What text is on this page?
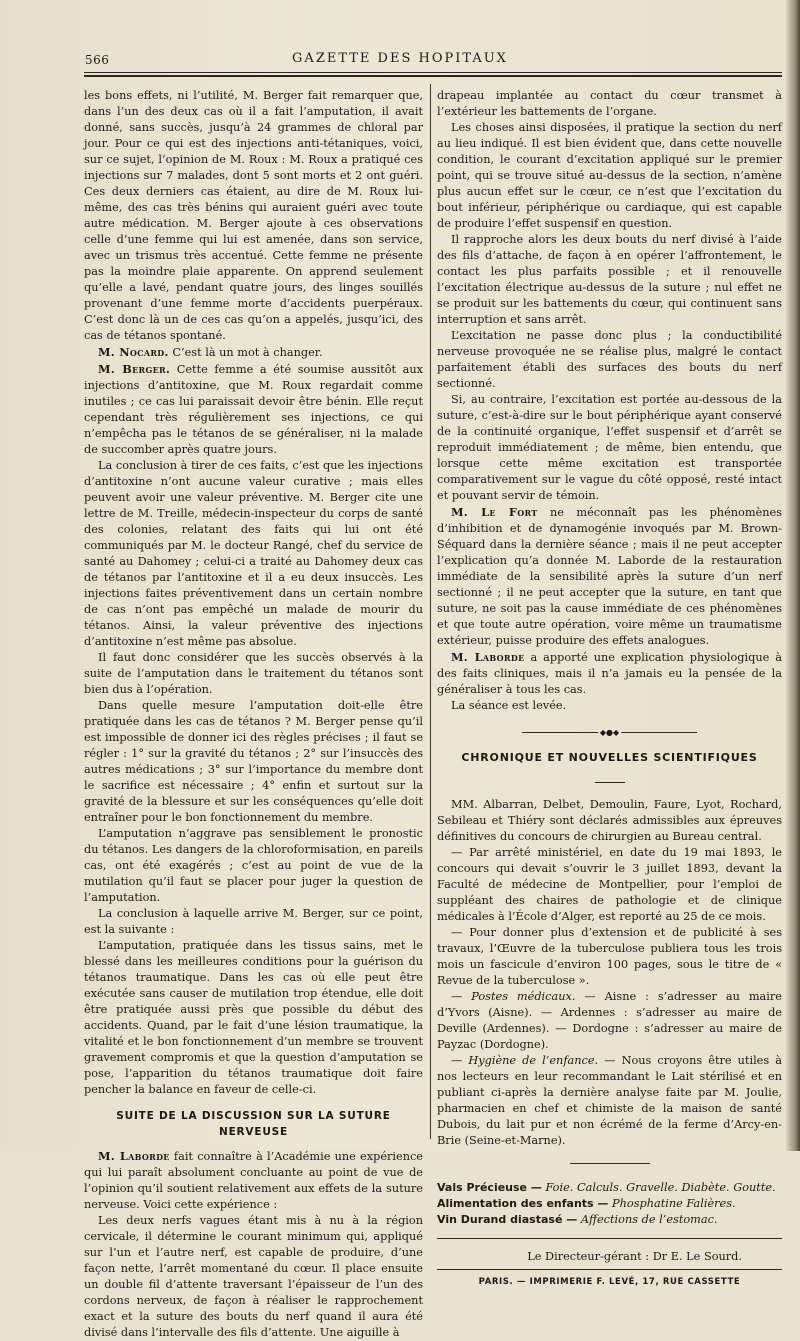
566	GAZETTE DES HOPITAUX

les bons effets, ni l’utilité, M. Berger fait remarquer que, dans l’un des deux cas où il a fait l’amputation, il avait donné, sans succès, jusqu’à 24 grammes de chloral par jour. Pour ce qui est des injections anti-tétaniques, voici, sur ce sujet, l’opinion de M. Roux : M. Roux a pratiqué ces injections sur 7 malades, dont 5 sont morts et 2 ont guéri. Ces deux derniers cas étaient, au dire de M. Roux lui-même, des cas très bénins qui auraient guéri avec toute autre médication. M. Berger ajoute à ces observations celle d’une femme qui lui est amenée, dans son service, avec un trismus très accentué. Cette femme ne présente pas la moindre plaie apparente. On apprend seulement qu’elle a lavé, pendant quatre jours, des linges souillés provenant d’une femme morte d’accidents puerpéraux. C’est donc là un de ces cas qu’on a appelés, jusqu’ici, des cas de tétanos spontané.

M. Nocard. C’est là un mot à changer.

M. Berger. Cette femme a été soumise aussitôt aux injections d’antitoxine, que M. Roux regardait comme inutiles ; ce cas lui paraissait devoir être bénin. Elle reçut cependant très régulièrement ses injections, ce qui n’empêcha pas le tétanos de se généraliser, ni la malade de succomber après quatre jours.

La conclusion à tirer de ces faits, c’est que les injections d’antitoxine n’ont aucune valeur curative ; mais elles peuvent avoir une valeur préventive. M. Berger cite une lettre de M. Treille, médecin-inspecteur du corps de santé des colonies, relatant des faits qui lui ont été communiqués par M. le docteur Rangé, chef du service de santé au Dahomey ; celui-ci a traité au Dahomey deux cas de tétanos par l’antitoxine et il a eu deux insuccès. Les injections faites préventivement dans un certain nombre de cas n’ont pas empêché un malade de mourir du tétanos. Ainsi, la valeur préventive des injections d’antitoxine n’est même pas absolue.

Il faut donc considérer que les succès observés à la suite de l’amputation dans le traitement du tétanos sont bien dus à l’opération.

Dans quelle mesure l’amputation doit-elle être pratiquée dans les cas de tétanos ? M. Berger pense qu’il est impossible de donner ici des règles précises ; il faut se régler : 1° sur la gravité du tétanos ; 2° sur l’insuccès des autres médications ; 3° sur l’importance du membre dont le sacrifice est nécessaire ; 4° enfin et surtout sur la gravité de la blessure et sur les conséquences qu’elle doit entraîner pour le bon fonctionnement du membre.

L’amputation n’aggrave pas sensiblement le pronostic du tétanos. Les dangers de la chloroformisation, en pareils cas, ont été exagérés ; c’est au point de vue de la mutilation qu’il faut se placer pour juger la question de l’amputation.

La conclusion à laquelle arrive M. Berger, sur ce point, est la suivante :

L’amputation, pratiquée dans les tissus sains, met le blessé dans les meilleures conditions pour la guérison du tétanos traumatique. Dans les cas où elle peut être exécutée sans causer de mutilation trop étendue, elle doit être pratiquée aussi près que possible du début des accidents. Quand, par le fait d’une lésion traumatique, la vitalité et le bon fonctionnement d’un membre se trouvent gravement compromis et que la question d’amputation se pose, l’apparition du tétanos traumatique doit faire pencher la balance en faveur de celle-ci.

SUITE DE LA DISCUSSION SUR LA SUTURE NERVEUSE

M. Laborde fait connaître à l’Académie une expérience qui lui paraît absolument concluante au point de vue de l’opinion qu’il soutient relativement aux effets de la suture nerveuse. Voici cette expérience :

Les deux nerfs vagues étant mis à nu à la région cervicale, il détermine le courant minimum qui, appliqué sur l’un et l’autre nerf, est capable de produire, d’une façon nette, l’arrêt momentané du cœur. Il place ensuite un double fil d’attente traversant l’épaisseur de l’un des cordons nerveux, de façon à réaliser le rapprochement exact et la suture des bouts du nerf quand il aura été divisé dans l’intervalle des fils d’attente. Une aiguille à

drapeau implantée au contact du cœur transmet à l’extérieur les battements de l’organe.

Les choses ainsi disposées, il pratique la section du nerf au lieu indiqué. Il est bien évident que, dans cette nouvelle condition, le courant d’excitation appliqué sur le premier point, qui se trouve situé au-dessus de la section, n’amène plus aucun effet sur le cœur, ce n’est que l’excitation du bout inférieur, périphérique ou cardiaque, qui est capable de produire l’effet suspensif en question.

Il rapproche alors les deux bouts du nerf divisé à l’aide des fils d’attache, de façon à en opérer l’affrontement, le contact les plus parfaits possible ; et il renouvelle l’excitation électrique au-dessus de la suture ; nul effet ne se produit sur les battements du cœur, qui continuent sans interruption et sans arrêt.

L’excitation ne passe donc plus ; la conductibilité nerveuse provoquée ne se réalise plus, malgré le contact parfaitement établi des surfaces des bouts du nerf sectionné.

Si, au contraire, l’excitation est portée au-dessous de la suture, c’est-à-dire sur le bout périphérique ayant conservé de la continuité organique, l’effet suspensif et d’arrêt se reproduit immédiatement ; de même, bien entendu, que lorsque cette même excitation est transportée comparativement sur le vague du côté opposé, resté intact et pouvant servir de témoin.

M. Le Fort ne méconnaît pas les phénomènes d’inhibition et de dynamogénie invoqués par M. Brown-Séquard dans la dernière séance ; mais il ne peut accepter l’explication qu’a donnée M. Laborde de la restauration immédiate de la sensibilité après la suture d’un nerf sectionné ; il ne peut accepter que la suture, en tant que suture, ne soit pas la cause immédiate de ces phénomènes et que toute autre opération, voire même un traumatisme extérieur, puisse produire des effets analogues.

M. Laborde a apporté une explication physiologique à des faits cliniques, mais il n’a jamais eu la pensée de la généraliser à tous les cas.

La séance est levée.

◆●◆
CHRONIQUE ET NOUVELLES SCIENTIFIQUES

MM. Albarran, Delbet, Demoulin, Faure, Lyot, Rochard, Sebileau et Thiéry sont déclarés admissibles aux épreuves définitives du concours de chirurgien au Bureau central.

— Par arrêté ministériel, en date du 19 mai 1893, le concours qui devait s’ouvrir le 3 juillet 1893, devant la Faculté de médecine de Montpellier, pour l’emploi de suppléant des chaires de pathologie et de clinique médicales à l’École d’Alger, est reporté au 25 de ce mois.

— Pour donner plus d’extension et de publicité à ses travaux, l’Œuvre de la tuberculose publiera tous les trois mois un fascicule d’environ 100 pages, sous le titre de « Revue de la tuberculose ».

— Postes médicaux. — Aisne : s’adresser au maire d’Yvors (Aisne). — Ardennes : s’adresser au maire de Deville (Ardennes). — Dordogne : s’adresser au maire de Payzac (Dordogne).

— Hygiène de l’enfance. — Nous croyons être utiles à nos lecteurs en leur recommandant le Lait stérilisé et en publiant ci-après la dernière analyse faite par M. Joulie, pharmacien en chef et chimiste de la maison de santé Dubois, du lait pur et non écrémé de la ferme d’Arcy-en-Brie (Seine-et-Marne).

Vals Précieuse — Foie. Calculs. Gravelle. Diabète. Goutte.

Alimentation des enfants — Phosphatine Falières.

Vin Durand diastasé — Affections de l’estomac.

Le Directeur-gérant : Dr E. Le Sourd.

PARIS. — IMPRIMERIE F. LEVÉ, 17, RUE CASSETTE
